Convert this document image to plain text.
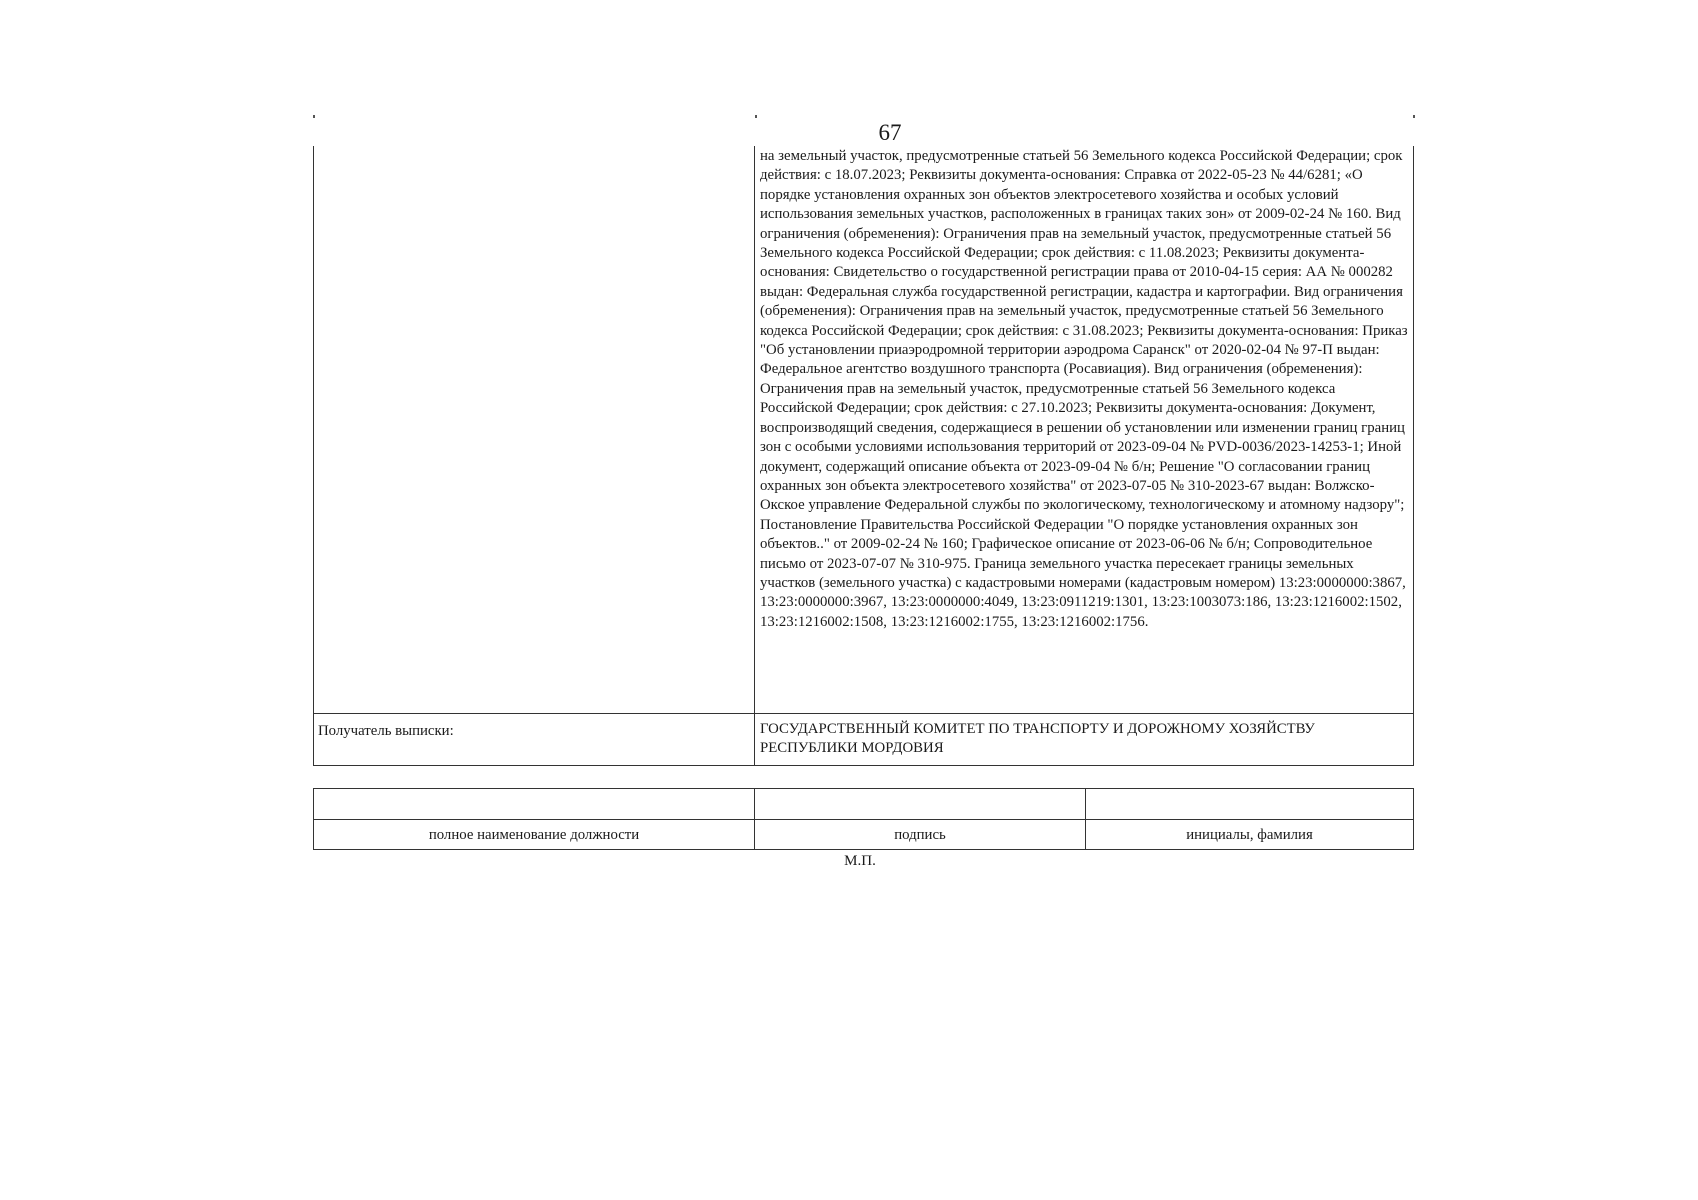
67
	на земельный участок, предусмотренные статьей 56 Земельного кодекса Российской Федерации; срок действия: с 18.07.2023; Реквизиты документа-основания: Справка от 2022-05-23 № 44/6281; «О порядке установления охранных зон объектов электросетевого хозяйства и особых условий использования земельных участков, расположенных в границах таких зон» от 2009-02-24 № 160. Вид ограничения (обременения): Ограничения прав на земельный участок, предусмотренные статьей 56 Земельного кодекса Российской Федерации; срок действия: с 11.08.2023; Реквизиты документа-основания: Свидетельство о государственной регистрации права от 2010-04-15 серия: АА № 000282 выдан: Федеральная служба государственной регистрации, кадастра и картографии. Вид ограничения (обременения): Ограничения прав на земельный участок, предусмотренные статьей 56 Земельного кодекса Российской Федерации; срок действия: с 31.08.2023; Реквизиты документа-основания: Приказ "Об установлении приаэродромной территории аэродрома Саранск" от 2020-02-04 № 97-П выдан: Федеральное агентство воздушного транспорта (Росавиация). Вид ограничения (обременения): Ограничения прав на земельный участок, предусмотренные статьей 56 Земельного кодекса Российской Федерации; срок действия: с 27.10.2023; Реквизиты документа-основания: Документ, воспроизводящий сведения, содержащиеся в решении об установлении или изменении границ границ зон с особыми условиями использования территорий от 2023-09-04 № PVD-0036/2023-14253-1; Иной документ, содержащий описание объекта от 2023-09-04 № б/н; Решение "О согласовании границ охранных зон объекта электросетевого хозяйства" от 2023-07-05 № 310-2023-67 выдан: Волжско-Окское управление Федеральной службы по экологическому, технологическому и атомному надзору"; Постановление Правительства Российской Федерации "О порядке установления охранных зон объектов.." от 2009-02-24 № 160; Графическое описание от 2023-06-06 № б/н; Сопроводительное письмо от 2023-07-07 № 310-975. Граница земельного участка пересекает границы земельных участков (земельного участка) с кадастровыми номерами (кадастровым номером) 13:23:0000000:3867, 13:23:0000000:3967, 13:23:0000000:4049, 13:23:0911219:1301, 13:23:1003073:186, 13:23:1216002:1502, 13:23:1216002:1508, 13:23:1216002:1755, 13:23:1216002:1756.
Получатель выписки:	ГОСУДАРСТВЕННЫЙ КОМИТЕТ ПО ТРАНСПОРТУ И ДОРОЖНОМУ ХОЗЯЙСТВУ РЕСПУБЛИКИ МОРДОВИЯ

полное наименование должности	подпись	инициалы, фамилия
М.П.
